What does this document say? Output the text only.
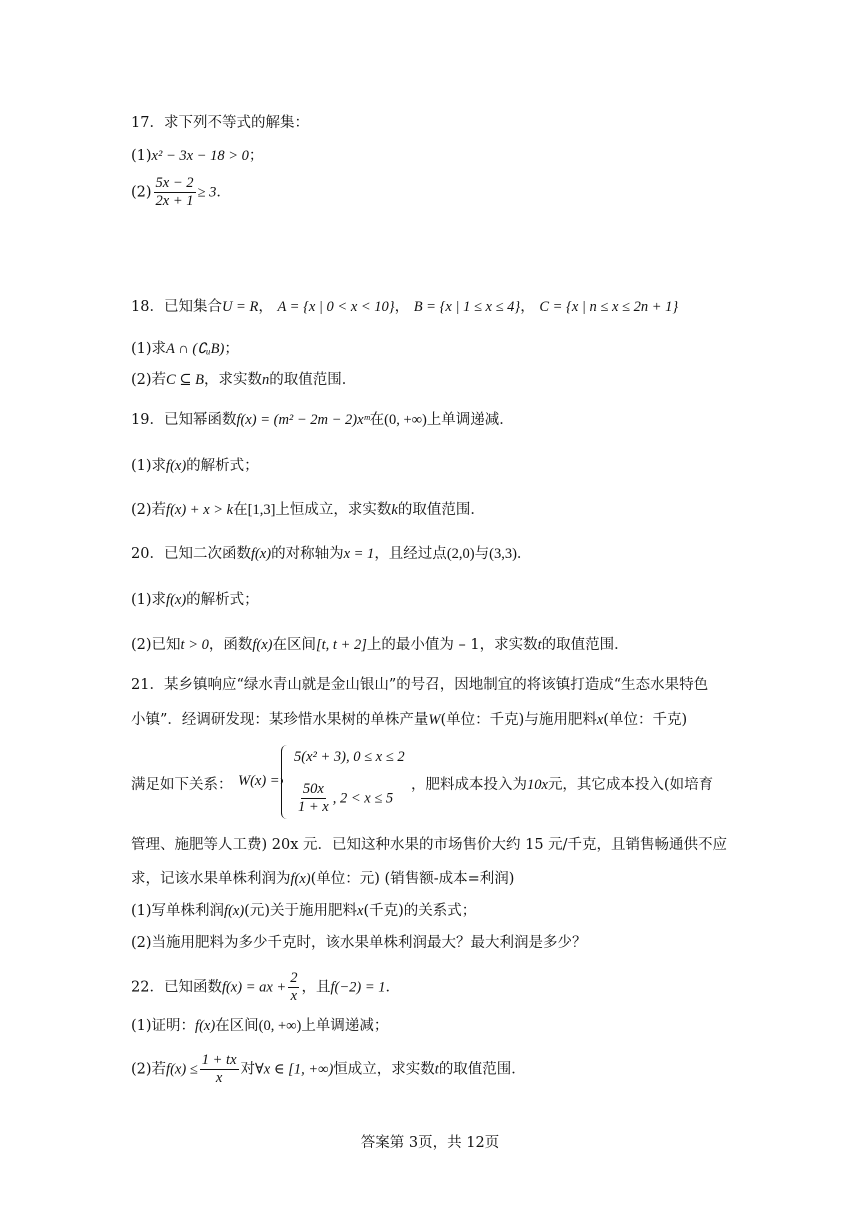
17．求下列不等式的解集：
(1)x² − 3x − 18 > 0；
$(2) \frac{5x - 2}{2x + 1} \ge 3$．
18．已知集合U = R， A = {x | 0 < x < 10}， B = {x | 1 ≤ x ≤ 4}， C = {x | n ≤ x ≤ 2n + 1}
(1)求A ∩ (∁ᵤB)；
(2)若C ⊆ B，求实数n的取值范围．
19．已知幂函数f(x) = (m² − 2m − 2)xᵐ在(0, +∞)上单调递减．
(1)求f(x)的解析式；
(2)若f(x) + x > k在[1,3]上恒成立，求实数k的取值范围．
20．已知二次函数f(x)的对称轴为x = 1，且经过点(2,0)与(3,3)．
(1)求f(x)的解析式；
(2)已知t > 0，函数f(x)在区间[t, t + 2]上的最小值为 – 1，求实数t的取值范围．
21．某乡镇响应“绿水青山就是金山银山”的号召，因地制宜的将该镇打造成“生态水果特色
小镇”．经调研发现：某珍惜水果树的单株产量W(单位：千克)与施用肥料x(单位：千克)
满足如下关系： W(x) =
5(x² + 3), 0 ≤ x ≤ 2
$\frac{50x}{1 + x}$ , 2 < x ≤ 5
，肥料成本投入为10x元，其它成本投入(如培育
管理、施肥等人工费) 20x 元．已知这种水果的市场售价大约 15 元/千克，且销售畅通供不应
求，记该水果单株利润为f(x)(单位：元) (销售额-成本=利润)
(1)写单株利润f(x)(元)关于施用肥料x(千克)的关系式；
(2)当施用肥料为多少千克时，该水果单株利润最大？最大利润是多少？
22．已知函数f(x) = ax + $\frac{2}{x}$ ，且f(−2) = 1．
(1)证明：f(x)在区间(0, +∞)上单调递减；
(2)若$f(x) \le \frac{1 + tx}{x}$ 对∀x ∈ [1, +∞)恒成立，求实数t的取值范围．
答案第 3页，共 12页
